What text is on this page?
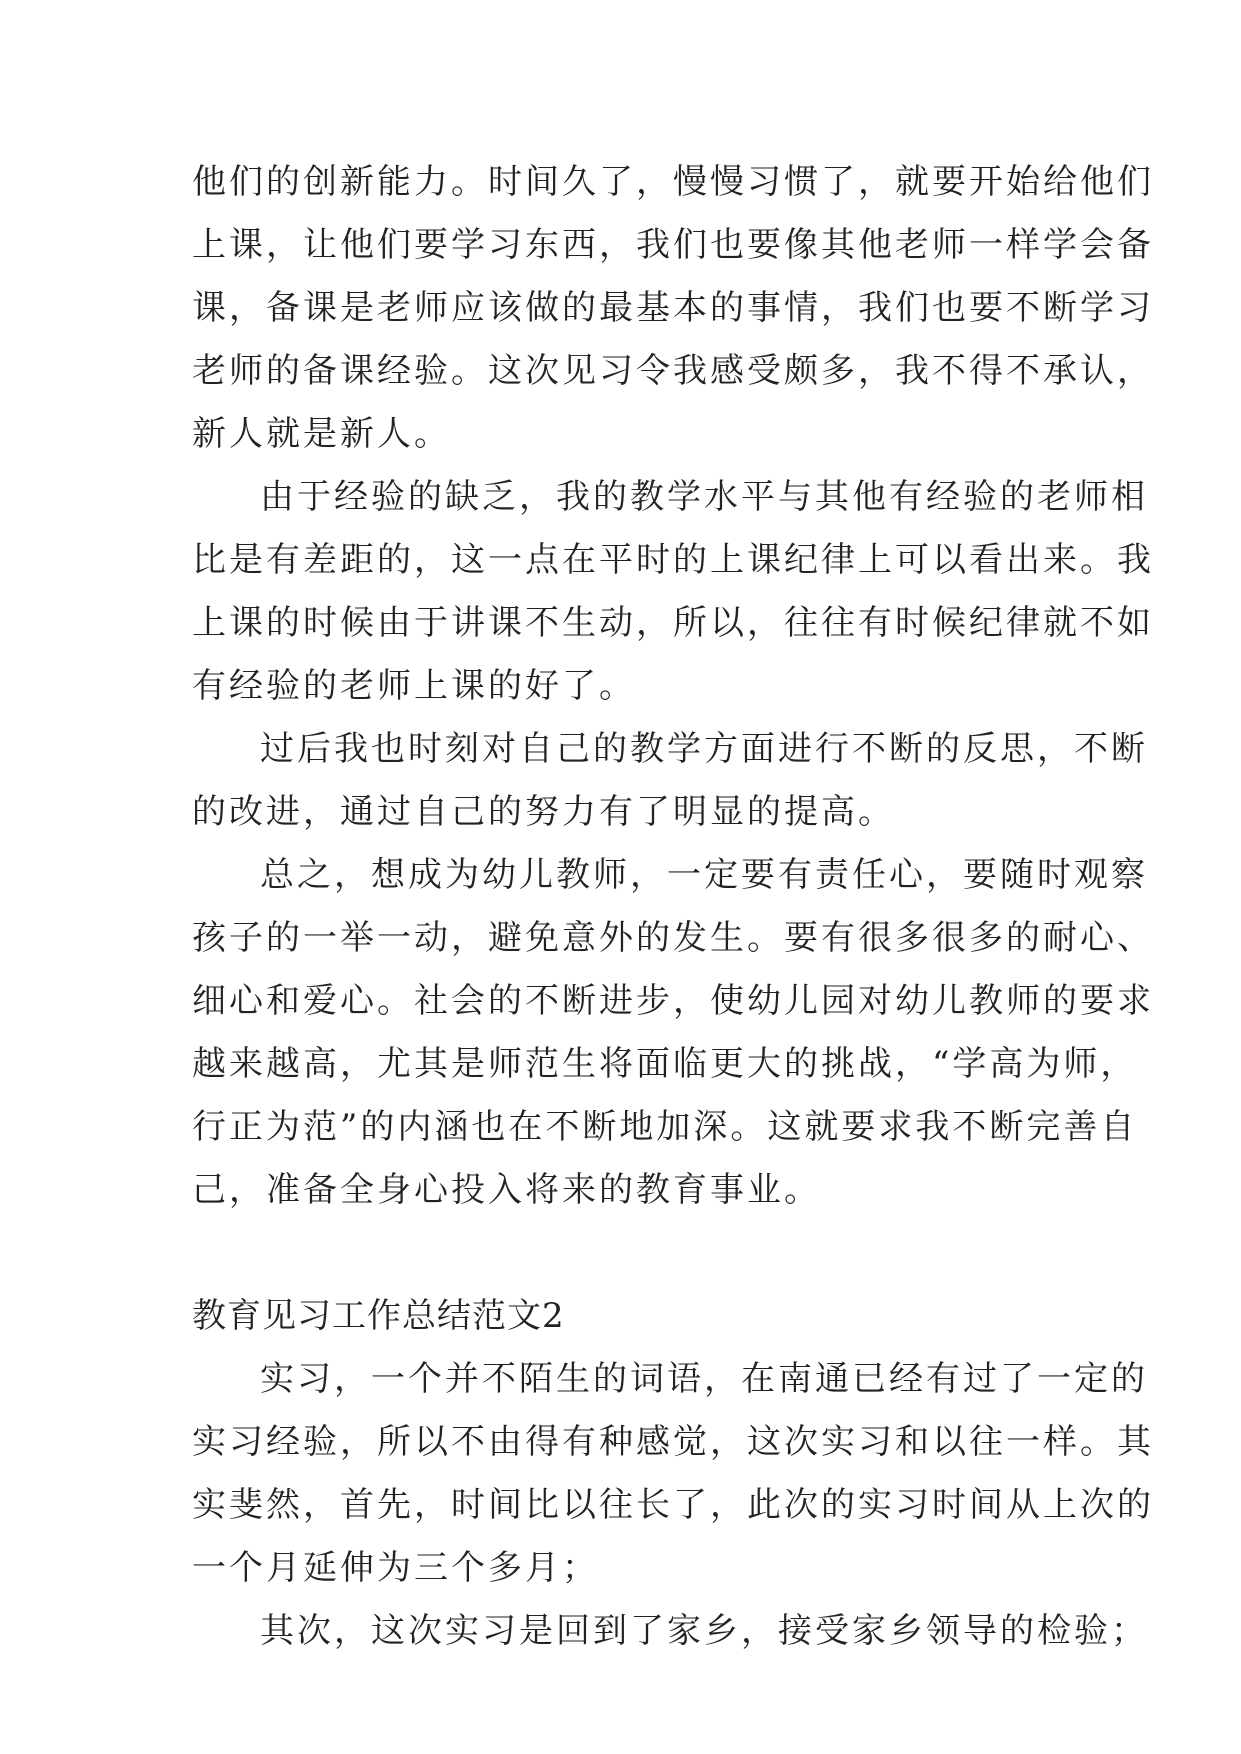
他们的创新能力。时间久了，慢慢习惯了，就要开始给他们
上课，让他们要学习东西，我们也要像其他老师一样学会备
课，备课是老师应该做的最基本的事情，我们也要不断学习
老师的备课经验。这次见习令我感受颇多，我不得不承认，
新人就是新人。
由于经验的缺乏，我的教学水平与其他有经验的老师相
比是有差距的，这一点在平时的上课纪律上可以看出来。我
上课的时候由于讲课不生动，所以，往往有时候纪律就不如
有经验的老师上课的好了。
过后我也时刻对自己的教学方面进行不断的反思，不断
的改进，通过自己的努力有了明显的提高。
总之，想成为幼儿教师，一定要有责任心，要随时观察
孩子的一举一动，避免意外的发生。要有很多很多的耐心、
细心和爱心。社会的不断进步，使幼儿园对幼儿教师的要求
越来越高，尤其是师范生将面临更大的挑战，“学高为师，
行正为范”的内涵也在不断地加深。这就要求我不断完善自
己，准备全身心投入将来的教育事业。
教育见习工作总结范文2
实习，一个并不陌生的词语，在南通已经有过了一定的
实习经验，所以不由得有种感觉，这次实习和以往一样。其
实斐然，首先，时间比以往长了，此次的实习时间从上次的
一个月延伸为三个多月；
其次，这次实习是回到了家乡，接受家乡领导的检验；
